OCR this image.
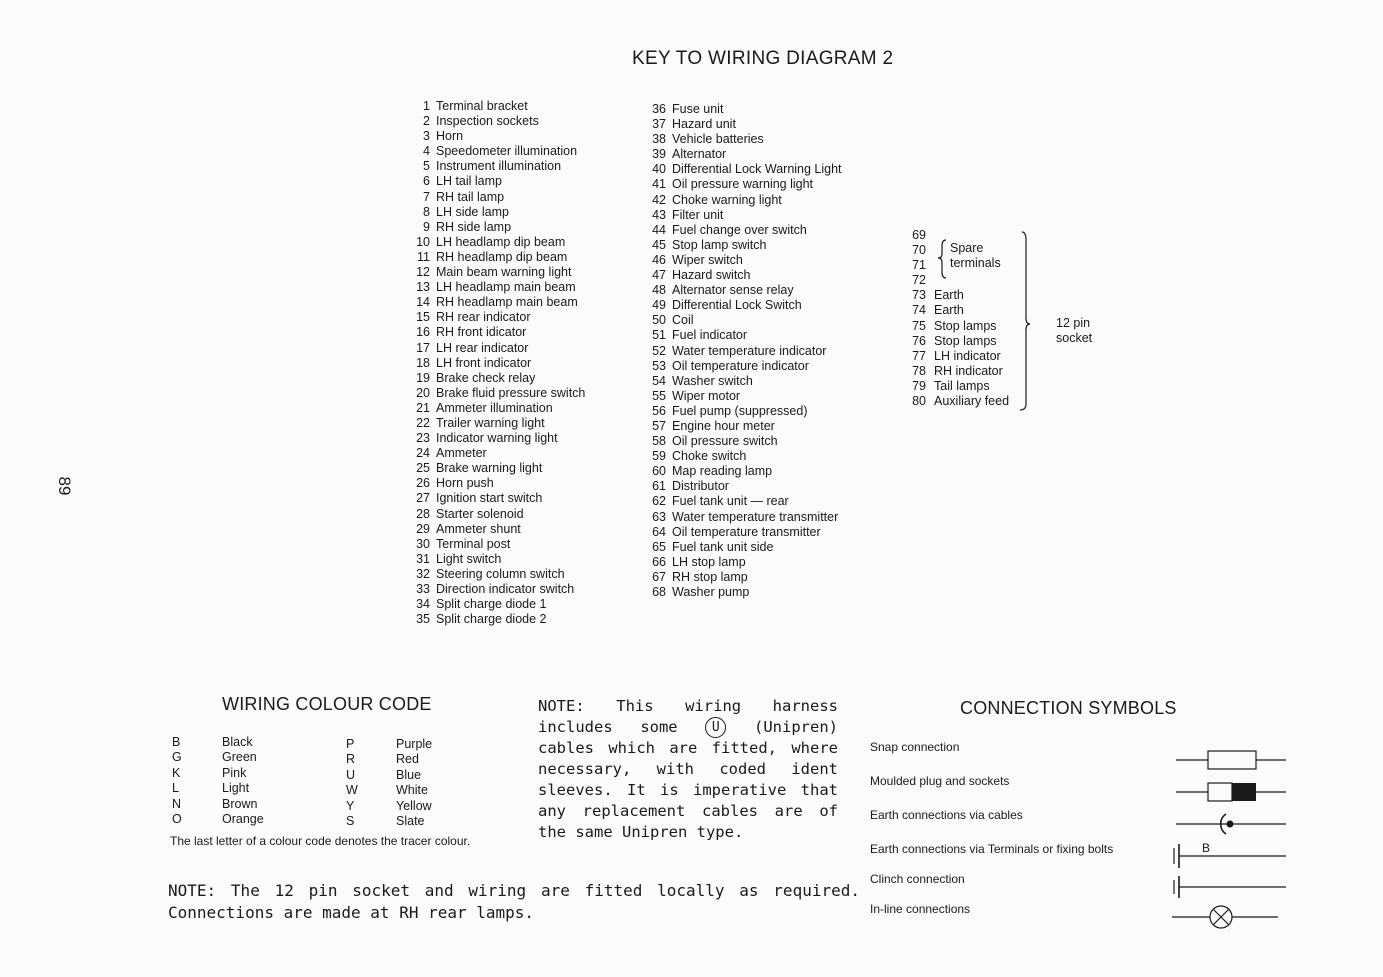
KEY TO WIRING DIAGRAM 2
89
1 Terminal bracket
2 Inspection sockets
3 Horn
4 Speedometer illumination
5 Instrument illumination
6 LH tail lamp
7 RH tail lamp
8 LH side lamp
9 RH side lamp
10 LH headlamp dip beam
11 RH headlamp dip beam
12 Main beam warning light
13 LH headlamp main beam
14 RH headlamp main beam
15 RH rear indicator
16 RH front idicator
17 LH rear indicator
18 LH front indicator
19 Brake check relay
20 Brake fluid pressure switch
21 Ammeter illumination
22 Trailer warning light
23 Indicator warning light
24 Ammeter
25 Brake warning light
26 Horn push
27 Ignition start switch
28 Starter solenoid
29 Ammeter shunt
30 Terminal post
31 Light switch
32 Steering column switch
33 Direction indicator switch
34 Split charge diode 1
35 Split charge diode 2
36 Fuse unit
37 Hazard unit
38 Vehicle batteries
39 Alternator
40 Differential Lock Warning Light
41 Oil pressure warning light
42 Choke warning light
43 Filter unit
44 Fuel change over switch
45 Stop lamp switch
46 Wiper switch
47 Hazard switch
48 Alternator sense relay
49 Differential Lock Switch
50 Coil
51 Fuel indicator
52 Water temperature indicator
53 Oil temperature indicator
54 Washer switch
55 Wiper motor
56 Fuel pump (suppressed)
57 Engine hour meter
58 Oil pressure switch
59 Choke switch
60 Map reading lamp
61 Distributor
62 Fuel tank unit — rear
63 Water temperature transmitter
64 Oil temperature transmitter
65 Fuel tank unit side
66 LH stop lamp
67 RH stop lamp
68 Washer pump
69
70
71
72
73 Earth
74 Earth
75 Stop lamps
76 Stop lamps
77 LH indicator
78 RH indicator
79 Tail lamps
80 Auxiliary feed
Spare
terminals
12 pin
socket
WIRING COLOUR CODE
B	Black
G	Green
K	Pink
L	Light
N	Brown
O	Orange
P	Purple
R	Red
U	Blue
W	White
Y	Yellow
S	Slate
The last letter of a colour code denotes the tracer colour.
NOTE: This wiring harness includes some	U (Unipren) cables which are fitted, where necessary, with coded ident sleeves. It is imperative that any replacement cables are of the same Unipren type.
NOTE: The 12 pin socket and wiring are fitted locally as required. Connections are made at RH rear lamps.
CONNECTION SYMBOLS
Snap connection
Moulded plug and sockets
Earth connections via cables
Earth connections via Terminals or fixing bolts
Clinch connection
In-line connections
B
